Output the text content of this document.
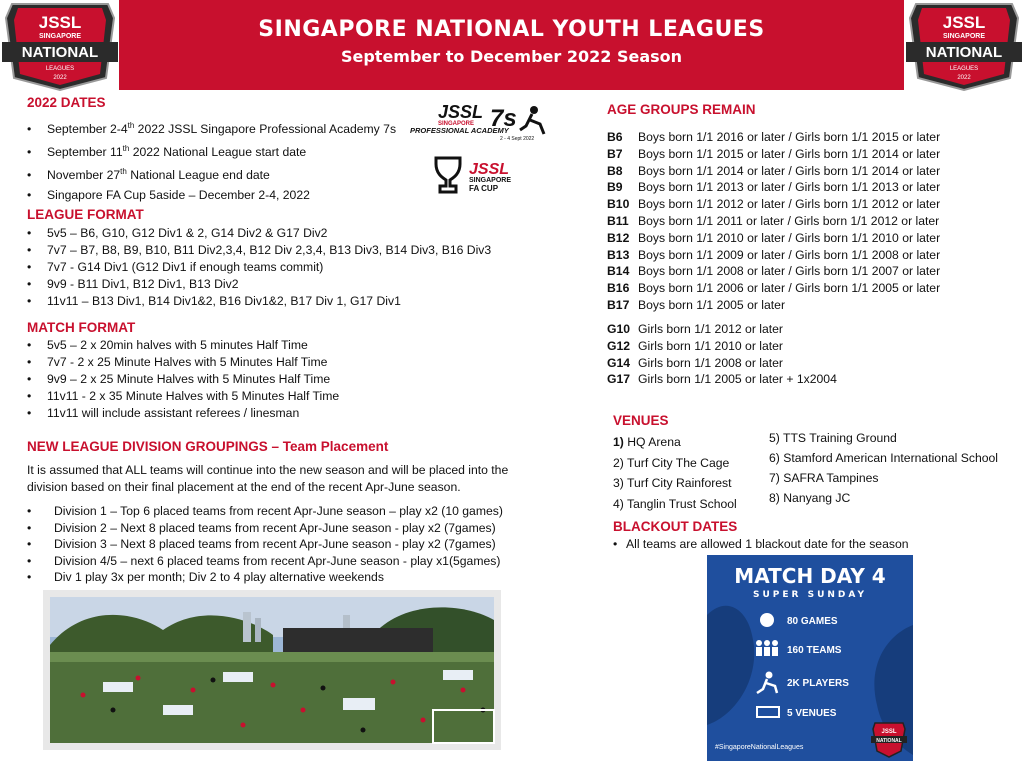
SINGAPORE NATIONAL YOUTH LEAGUES
September to December 2022 Season
JSSL
SINGAPORE
NATIONAL
LEAGUES
2022
JSSL
SINGAPORE
NATIONAL
LEAGUES
2022
2022 DATES
• September 2-4th 2022 JSSL Singapore Professional Academy 7s
• September 11th 2022 National League start date
• November 27th National League end date
• Singapore FA Cup 5aside – December 2-4, 2022
JSSL
SINGAPORE
PROFESSIONAL ACADEMY
7s
2 - 4 Sept 2022
JSSL
SINGAPORE
FA CUP
LEAGUE FORMAT
• 5v5 – B6, G10, G12 Div1 & 2, G14 Div2 & G17 Div2
• 7v7 – B7, B8, B9, B10, B11 Div2,3,4, B12 Div 2,3,4, B13 Div3, B14 Div3, B16 Div3
• 7v7 - G14 Div1 (G12 Div1 if enough teams commit)
• 9v9 - B11 Div1, B12 Div1, B13 Div2
• 11v11 – B13 Div1, B14 Div1&2, B16 Div1&2, B17 Div 1, G17 Div1
MATCH FORMAT
• 5v5 – 2 x 20min halves with 5 minutes Half Time
• 7v7 - 2 x 25 Minute Halves with 5 Minutes Half Time
• 9v9 – 2 x 25 Minute Halves with 5 Minutes Half Time
• 11v11 - 2 x 35 Minute Halves with 5 Minutes Half Time
• 11v11 will include assistant referees / linesman
NEW LEAGUE DIVISION GROUPINGS – Team Placement
It is assumed that ALL teams will continue into the new season and will be placed into the division based on their final placement at the end of the recent Apr-June season.
• Division 1 – Top 6 placed teams from recent Apr-June season – play x2 (10 games)
• Division 2 – Next 8 placed teams from recent Apr-June season - play x2 (7games)
• Division 3 – Next 8 placed teams from recent Apr-June season - play x2 (7games)
• Division 4/5 – next 6 placed teams from recent Apr-June season - play x1(5games)
• Div 1 play 3x per month; Div 2 to 4 play alternative weekends
AGE GROUPS REMAIN
B6 Boys born 1/1 2016 or later / Girls born 1/1 2015 or later
B7 Boys born 1/1 2015 or later / Girls born 1/1 2014 or later
B8 Boys born 1/1 2014 or later / Girls born 1/1 2014 or later
B9 Boys born 1/1 2013 or later / Girls born 1/1 2013 or later
B10 Boys born 1/1 2012 or later / Girls born 1/1 2012 or later
B11 Boys born 1/1 2011 or later / Girls born 1/1 2012 or later
B12 Boys born 1/1 2010 or later / Girls born 1/1 2010 or later
B13 Boys born 1/1 2009 or later / Girls born 1/1 2008 or later
B14 Boys born 1/1 2008 or later / Girls born 1/1 2007 or later
B16 Boys born 1/1 2006 or later / Girls born 1/1 2005 or later
B17 Boys born 1/1 2005 or later
G10 Girls born 1/1 2012 or later
G12 Girls born 1/1 2010 or later
G14 Girls born 1/1 2008 or later
G17 Girls born 1/1 2005 or later + 1x2004
VENUES
1) HQ Arena
2) Turf City The Cage
3) Turf City Rainforest
4) Tanglin Trust School
5) TTS Training Ground
6) Stamford American International School
7) SAFRA Tampines
8) Nanyang JC
BLACKOUT DATES
• All teams are allowed 1 blackout date for the season
MATCH DAY 4
SUPER SUNDAY
80 GAMES
160 TEAMS
2K PLAYERS
5 VENUES
#SingaporeNationalLeagues
JSSL
NATIONAL
